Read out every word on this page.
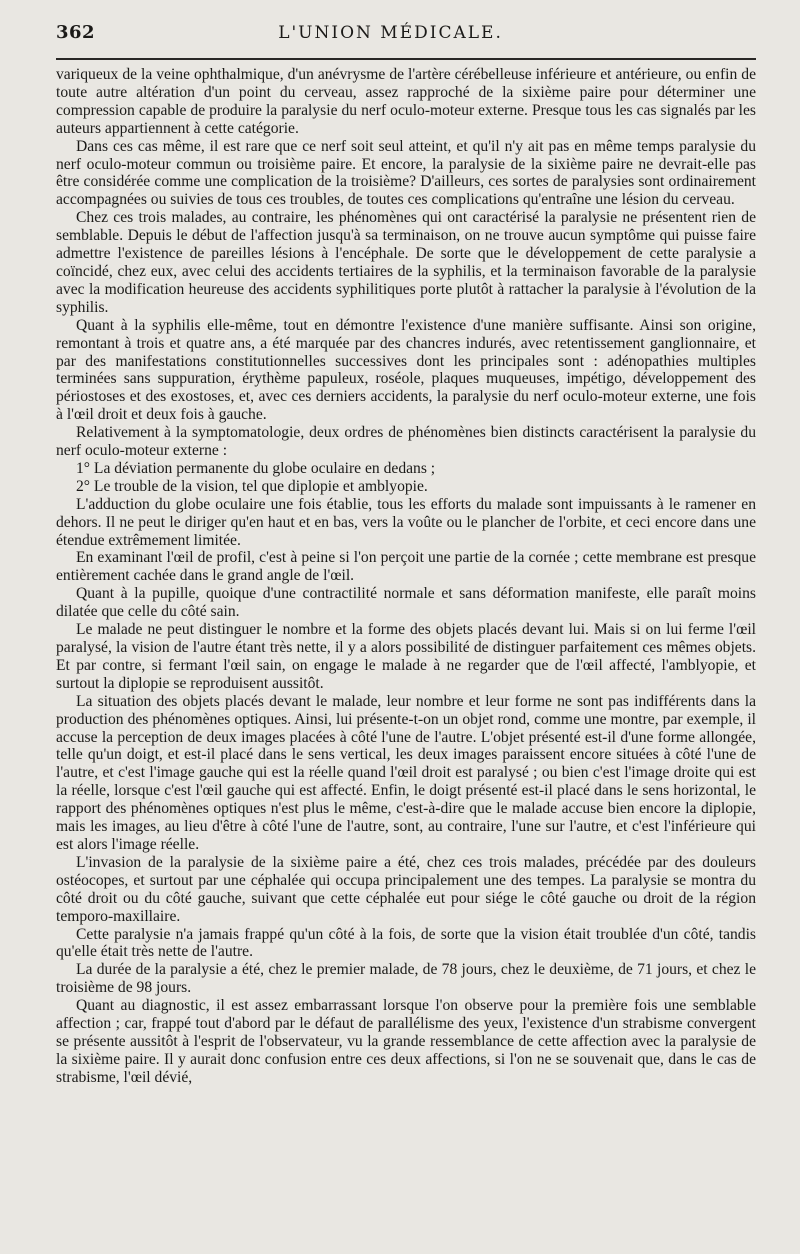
362	L'UNION MÉDICALE.

variqueux de la veine ophthalmique, d'un anévrysme de l'artère cérébelleuse inférieure et antérieure, ou enfin de toute autre altération d'un point du cerveau, assez rapproché de la sixième paire pour déterminer une compression capable de produire la paralysie du nerf oculo-moteur externe. Presque tous les cas signalés par les auteurs appartiennent à cette catégorie.

Dans ces cas même, il est rare que ce nerf soit seul atteint, et qu'il n'y ait pas en même temps paralysie du nerf oculo-moteur commun ou troisième paire. Et encore, la paralysie de la sixième paire ne devrait-elle pas être considérée comme une complication de la troisième? D'ailleurs, ces sortes de paralysies sont ordinairement accompagnées ou suivies de tous ces troubles, de toutes ces complications qu'entraîne une lésion du cerveau.

Chez ces trois malades, au contraire, les phénomènes qui ont caractérisé la paralysie ne présentent rien de semblable. Depuis le début de l'affection jusqu'à sa terminaison, on ne trouve aucun symptôme qui puisse faire admettre l'existence de pareilles lésions à l'encéphale. De sorte que le développement de cette paralysie a coïncidé, chez eux, avec celui des accidents tertiaires de la syphilis, et la terminaison favorable de la paralysie avec la modification heureuse des accidents syphilitiques porte plutôt à rattacher la paralysie à l'évolution de la syphilis.

Quant à la syphilis elle-même, tout en démontre l'existence d'une manière suffisante. Ainsi son origine, remontant à trois et quatre ans, a été marquée par des chancres indurés, avec retentissement ganglionnaire, et par des manifestations constitutionnelles successives dont les principales sont : adénopathies multiples terminées sans suppuration, érythème papuleux, roséole, plaques muqueuses, impétigo, développement des périostoses et des exostoses, et, avec ces derniers accidents, la paralysie du nerf oculo-moteur externe, une fois à l'œil droit et deux fois à gauche.

Relativement à la symptomatologie, deux ordres de phénomènes bien distincts caractérisent la paralysie du nerf oculo-moteur externe :

1° La déviation permanente du globe oculaire en dedans ;

2° Le trouble de la vision, tel que diplopie et amblyopie.

L'adduction du globe oculaire une fois établie, tous les efforts du malade sont impuissants à le ramener en dehors. Il ne peut le diriger qu'en haut et en bas, vers la voûte ou le plancher de l'orbite, et ceci encore dans une étendue extrêmement limitée.

En examinant l'œil de profil, c'est à peine si l'on perçoit une partie de la cornée ; cette membrane est presque entièrement cachée dans le grand angle de l'œil.

Quant à la pupille, quoique d'une contractilité normale et sans déformation manifeste, elle paraît moins dilatée que celle du côté sain.

Le malade ne peut distinguer le nombre et la forme des objets placés devant lui. Mais si on lui ferme l'œil paralysé, la vision de l'autre étant très nette, il y a alors possibilité de distinguer parfaitement ces mêmes objets. Et par contre, si fermant l'œil sain, on engage le malade à ne regarder que de l'œil affecté, l'amblyopie, et surtout la diplopie se reproduisent aussitôt.

La situation des objets placés devant le malade, leur nombre et leur forme ne sont pas indifférents dans la production des phénomènes optiques. Ainsi, lui présente-t-on un objet rond, comme une montre, par exemple, il accuse la perception de deux images placées à côté l'une de l'autre. L'objet présenté est-il d'une forme allongée, telle qu'un doigt, et est-il placé dans le sens vertical, les deux images paraissent encore situées à côté l'une de l'autre, et c'est l'image gauche qui est la réelle quand l'œil droit est paralysé ; ou bien c'est l'image droite qui est la réelle, lorsque c'est l'œil gauche qui est affecté. Enfin, le doigt présenté est-il placé dans le sens horizontal, le rapport des phénomènes optiques n'est plus le même, c'est-à-dire que le malade accuse bien encore la diplopie, mais les images, au lieu d'être à côté l'une de l'autre, sont, au contraire, l'une sur l'autre, et c'est l'inférieure qui est alors l'image réelle.

L'invasion de la paralysie de la sixième paire a été, chez ces trois malades, précédée par des douleurs ostéocopes, et surtout par une céphalée qui occupa principalement une des tempes. La paralysie se montra du côté droit ou du côté gauche, suivant que cette céphalée eut pour siége le côté gauche ou droit de la région temporo-maxillaire.

Cette paralysie n'a jamais frappé qu'un côté à la fois, de sorte que la vision était troublée d'un côté, tandis qu'elle était très nette de l'autre.

La durée de la paralysie a été, chez le premier malade, de 78 jours, chez le deuxième, de 71 jours, et chez le troisième de 98 jours.

Quant au diagnostic, il est assez embarrassant lorsque l'on observe pour la première fois une semblable affection ; car, frappé tout d'abord par le défaut de parallélisme des yeux, l'existence d'un strabisme convergent se présente aussitôt à l'esprit de l'observateur, vu la grande ressemblance de cette affection avec la paralysie de la sixième paire. Il y aurait donc confusion entre ces deux affections, si l'on ne se souvenait que, dans le cas de strabisme, l'œil dévié,
